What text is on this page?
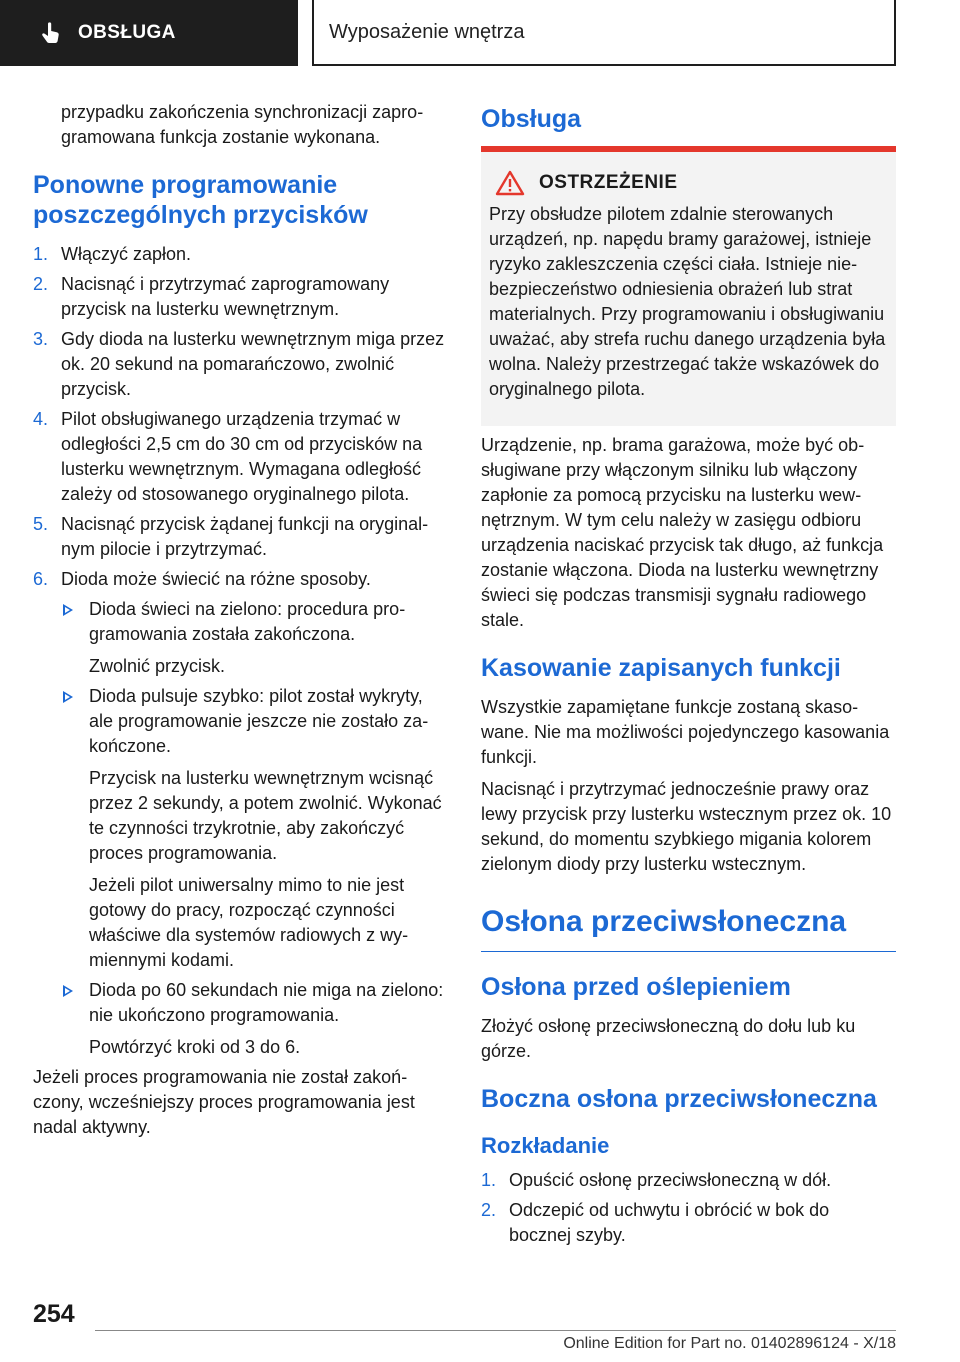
OBSŁUGA	Wyposażenie wnętrza

przypadku zakończenia synchronizacji zaprogramowana funkcja zostanie wykonana.

Ponowne programowanie poszczególnych przycisków
1. Włączyć zapłon.
2. Nacisnąć i przytrzymać zaprogramowany przycisk na lusterku wewnętrznym.
3. Gdy dioda na lusterku wewnętrznym miga przez ok. 20 sekund na pomarańczowo, zwolnić przycisk.
4. Pilot obsługiwanego urządzenia trzymać w odległości 2,5 cm do 30 cm od przycisków na lusterku wewnętrznym. Wymagana odległość zależy od stosowanego oryginalnego pilota.
5. Nacisnąć przycisk żądanej funkcji na oryginalnym pilocie i przytrzymać.
6. Dioda może świecić na różne sposoby.
Dioda świeci na zielono: procedura programowania została zakończona.

Zwolnić przycisk.

Dioda pulsuje szybko: pilot został wykryty, ale programowanie jeszcze nie zostało zakończone.

Przycisk na lusterku wewnętrznym wcisnąć przez 2 sekundy, a potem zwolnić. Wykonać te czynności trzykrotnie, aby zakończyć proces programowania.

Jeżeli pilot uniwersalny mimo to nie jest gotowy do pracy, rozpocząć czynności właściwe dla systemów radiowych z wymiennymi kodami.

Dioda po 60 sekundach nie miga na zielono: nie ukończono programowania.

Powtórzyć kroki od 3 do 6.

Jeżeli proces programowania nie został zakończony, wcześniejszy proces programowania jest nadal aktywny.

Obsługa
OSTRZEŻENIE

Przy obsłudze pilotem zdalnie sterowanych urządzeń, np. napędu bramy garażowej, istnieje ryzyko zakleszczenia części ciała. Istnieje niebezpieczeństwo odniesienia obrażeń lub strat materialnych. Przy programowaniu i obsługiwaniu uważać, aby strefa ruchu danego urządzenia była wolna. Należy przestrzegać także wskazówek do oryginalnego pilota.

Urządzenie, np. brama garażowa, może być obsługiwane przy włączonym silniku lub włączony zapłonie za pomocą przycisku na lusterku wewnętrznym. W tym celu należy w zasięgu odbioru urządzenia naciskać przycisk tak długo, aż funkcja zostanie włączona. Dioda na lusterku wewnętrzny świeci się podczas transmisji sygnału radiowego stale.

Kasowanie zapisanych funkcji

Wszystkie zapamiętane funkcje zostaną skasowane. Nie ma możliwości pojedynczego kasowania funkcji.

Nacisnąć i przytrzymać jednocześnie prawy oraz lewy przycisk przy lusterku wstecznym przez ok. 10 sekund, do momentu szybkiego migania kolorem zielonym diody przy lusterku wstecznym.

Osłona przeciwsłoneczna
Osłona przed oślepieniem

Złożyć osłonę przeciwsłoneczną do dołu lub ku górze.

Boczna osłona przeciwsłoneczna
Rozkładanie
1. Opuścić osłonę przeciwsłoneczną w dół.
2. Odczepić od uchwytu i obrócić w bok do bocznej szyby.
254
Online Edition for Part no. 01402896124 - X/18
